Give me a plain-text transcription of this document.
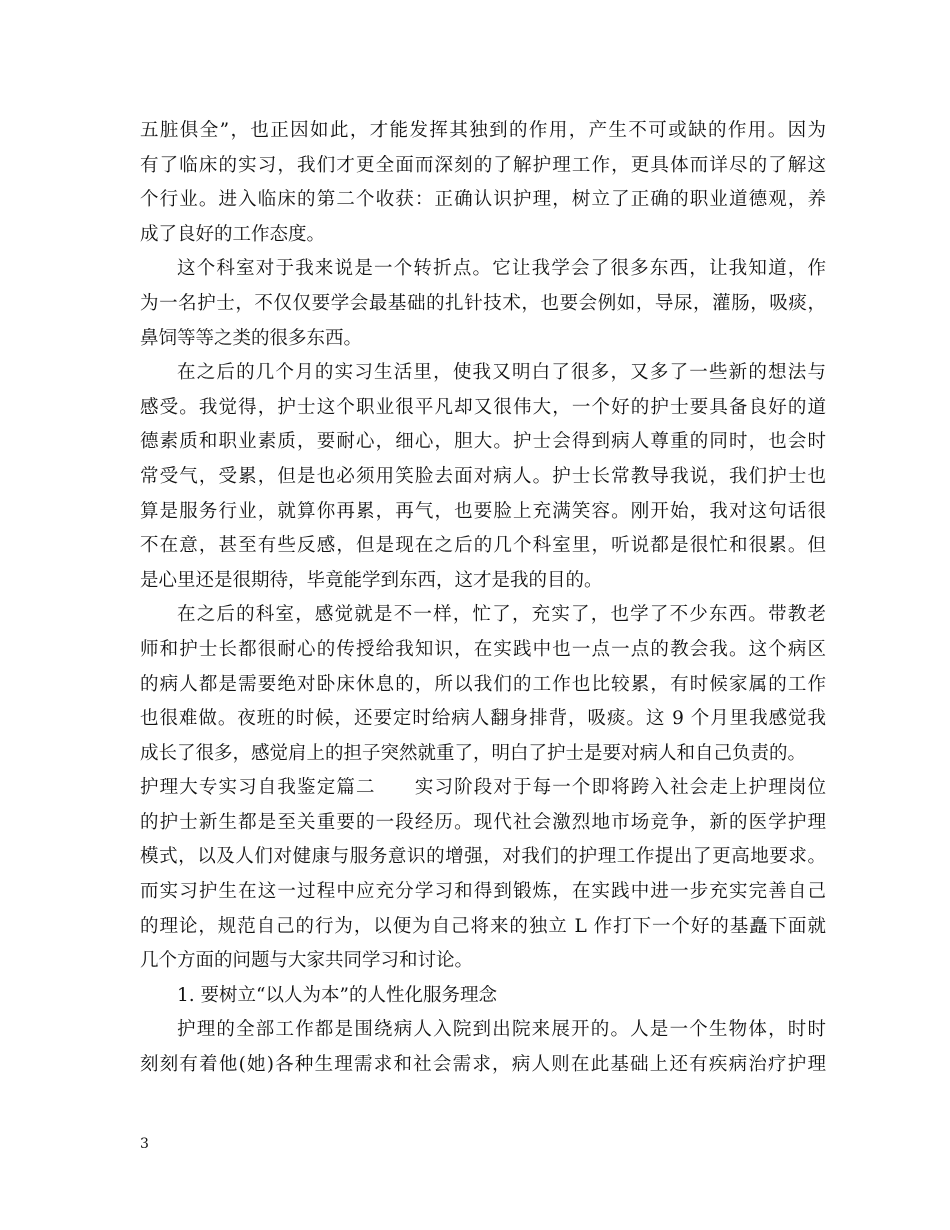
五脏俱全”，也正因如此，才能发挥其独到的作用，产生不可或缺的作用。因为
有了临床的实习，我们才更全面而深刻的了解护理工作，更具体而详尽的了解这
个行业。进入临床的第二个收获：正确认识护理，树立了正确的职业道德观，养
成了良好的工作态度。
这个科室对于我来说是一个转折点。它让我学会了很多东西，让我知道，作
为一名护士，不仅仅要学会最基础的扎针技术，也要会例如，导尿，灌肠，吸痰，
鼻饲等等之类的很多东西。
在之后的几个月的实习生活里，使我又明白了很多，又多了一些新的想法与
感受。我觉得，护士这个职业很平凡却又很伟大，一个好的护士要具备良好的道
德素质和职业素质，要耐心，细心，胆大。护士会得到病人尊重的同时，也会时
常受气，受累，但是也必须用笑脸去面对病人。护士长常教导我说，我们护士也
算是服务行业，就算你再累，再气，也要脸上充满笑容。刚开始，我对这句话很
不在意，甚至有些反感，但是现在之后的几个科室里，听说都是很忙和很累。但
是心里还是很期待，毕竟能学到东西，这才是我的目的。
在之后的科室，感觉就是不一样，忙了，充实了，也学了不少东西。带教老
师和护士长都很耐心的传授给我知识，在实践中也一点一点的教会我。这个病区
的病人都是需要绝对卧床休息的，所以我们的工作也比较累，有时候家属的工作
也很难做。夜班的时候，还要定时给病人翻身排背，吸痰。这 9 个月里我感觉我
成长了很多，感觉肩上的担子突然就重了，明白了护士是要对病人和自己负责的。
护理大专实习自我鉴定篇二　　实习阶段对于每一个即将跨入社会走上护理岗位
的护士新生都是至关重要的一段经历。现代社会激烈地市场竞争，新的医学护理
模式，以及人们对健康与服务意识的增强，对我们的护理工作提出了更高地要求。
而实习护生在这一过程中应充分学习和得到锻炼，在实践中进一步充实完善自己
的理论，规范自己的行为，以便为自己将来的独立 L 作打下一个好的基矗下面就
几个方面的问题与大家共同学习和讨论。
1. 要树立“以人为本”的人性化服务理念
护理的全部工作都是围绕病人入院到出院来展开的。人是一个生物体，时时
刻刻有着他(她)各种生理需求和社会需求，病人则在此基础上还有疾病治疗护理
3
